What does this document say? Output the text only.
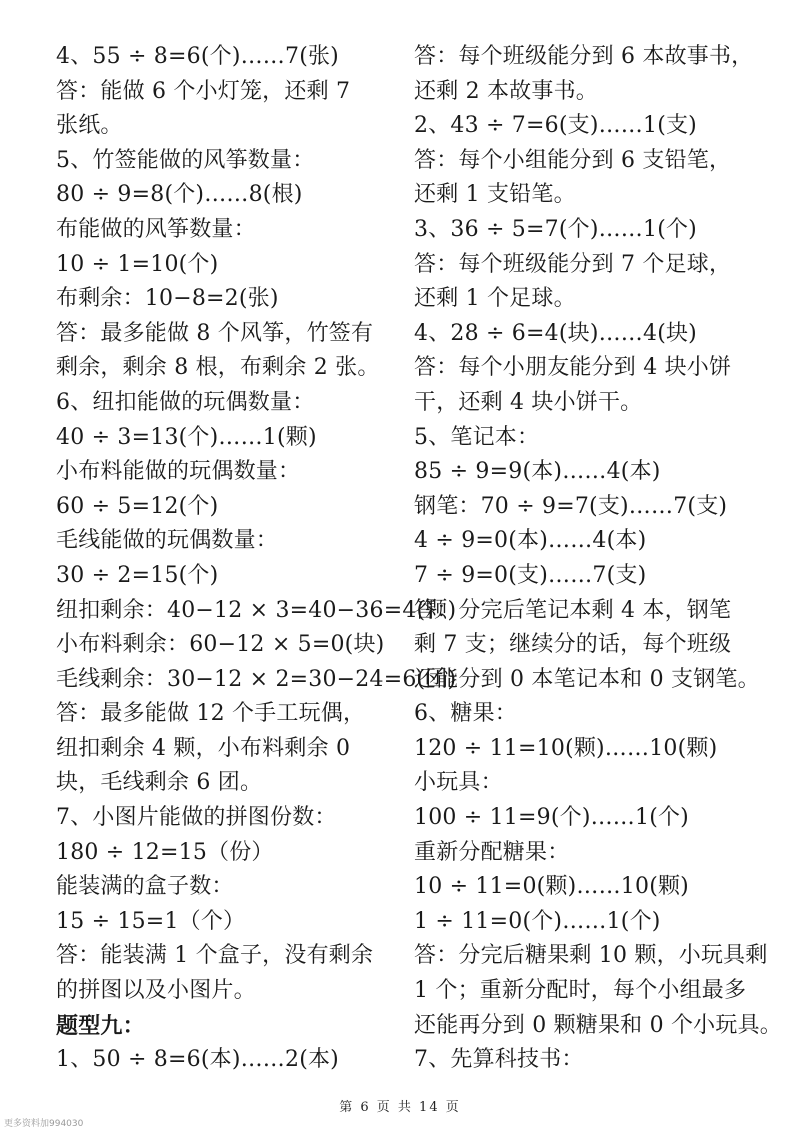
4、55 ÷ 8=6(个)……7(张)
答：能做 6 个小灯笼，还剩 7
张纸。
5、竹签能做的风筝数量：
80 ÷ 9=8(个)……8(根)
布能做的风筝数量：
10 ÷ 1=10(个)
布剩余：10−8=2(张)
答：最多能做 8 个风筝，竹签有
剩余，剩余 8 根，布剩余 2 张。
6、纽扣能做的玩偶数量：
40 ÷ 3=13(个)……1(颗)
小布料能做的玩偶数量：
60 ÷ 5=12(个)
毛线能做的玩偶数量：
30 ÷ 2=15(个)
纽扣剩余：40−12 × 3=40−36=4(颗)
小布料剩余：60−12 × 5=0(块)
毛线剩余：30−12 × 2=30−24=6(团)
答：最多能做 12 个手工玩偶，
纽扣剩余 4 颗，小布料剩余 0
块，毛线剩余 6 团。
7、小图片能做的拼图份数：
180 ÷ 12=15（份）
能装满的盒子数：
15 ÷ 15=1（个）
答：能装满 1 个盒子，没有剩余
的拼图以及小图片。
题型九：
1、50 ÷ 8=6(本)……2(本)
答：每个班级能分到 6 本故事书，
还剩 2 本故事书。
2、43 ÷ 7=6(支)……1(支)
答：每个小组能分到 6 支铅笔，
还剩 1 支铅笔。
3、36 ÷ 5=7(个)……1(个)
答：每个班级能分到 7 个足球，
还剩 1 个足球。
4、28 ÷ 6=4(块)……4(块)
答：每个小朋友能分到 4 块小饼
干，还剩 4 块小饼干。
5、笔记本：
85 ÷ 9=9(本)……4(本)
钢笔：70 ÷ 9=7(支)……7(支)
4 ÷ 9=0(本)……4(本)
7 ÷ 9=0(支)……7(支)
答：分完后笔记本剩 4 本，钢笔
剩 7 支；继续分的话，每个班级
还能分到 0 本笔记本和 0 支钢笔。
6、糖果：
120 ÷ 11=10(颗)……10(颗)
小玩具：
100 ÷ 11=9(个)……1(个)
重新分配糖果：
10 ÷ 11=0(颗)……10(颗)
1 ÷ 11=0(个)……1(个)
答：分完后糖果剩 10 颗，小玩具剩
1 个；重新分配时，每个小组最多
还能再分到 0 颗糖果和 0 个小玩具。
7、先算科技书：
第 6 页 共 14 页
更多资料加994030
